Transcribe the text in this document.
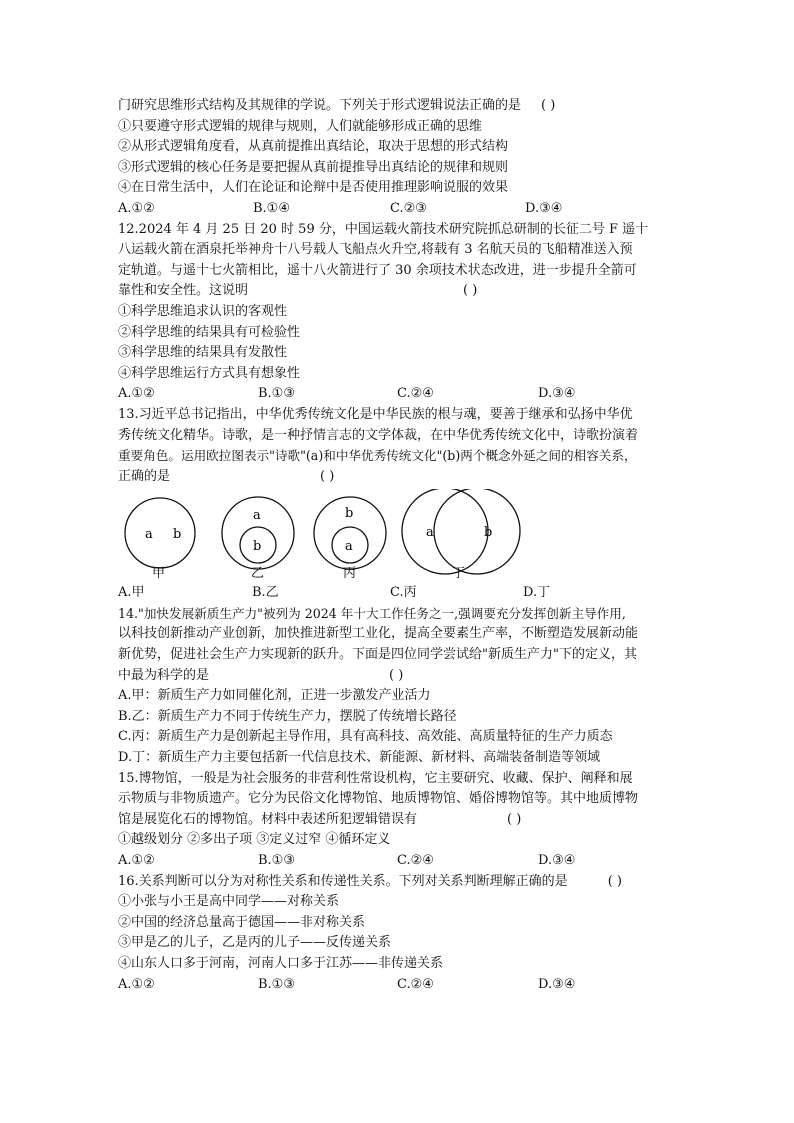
门研究思维形式结构及其规律的学说。下列关于形式逻辑说法正确的是 ( )
①只要遵守形式逻辑的规律与规则，人们就能够形成正确的思维
②从形式逻辑角度看，从真前提推出真结论，取决于思想的形式结构
③形式逻辑的核心任务是要把握从真前提推导出真结论的规律和规则
④在日常生活中，人们在论证和论辩中是否使用推理影响说服的效果
A.①②	B.①④	C.②③	D.③④
12.2024 年 4 月 25 日 20 时 59 分，中国运载火箭技术研究院抓总研制的长征二号 F 遥十
八运载火箭在酒泉托举神舟十八号载人飞船点火升空,将载有 3 名航天员的飞船精准送入预
定轨道。与遥十七火箭相比，遥十八火箭进行了 30 余项技术状态改进，进一步提升全箭可
靠性和安全性。这说明	( )
①科学思维追求认识的客观性
②科学思维的结果具有可检验性
③科学思维的结果具有发散性
④科学思维运行方式具有想象性
A.①②	B.①③	C.②④	D.③④
13.习近平总书记指出，中华优秀传统文化是中华民族的根与魂，要善于继承和弘扬中华优
秀传统文化精华。诗歌，是一种抒情言志的文学体裁，在中华优秀传统文化中，诗歌扮演着
重要角色。运用欧拉图表示"诗歌"(a)和中华优秀传统文化"(b)两个概念外延之间的相容关系，
正确的是	( )
a b
a
b
b
a
a	b
甲	乙	丙	丁
A.甲	B.乙	C.丙	D.丁
14."加快发展新质生产力"被列为 2024 年十大工作任务之一,强调要充分发挥创新主导作用,
以科技创新推动产业创新，加快推进新型工业化，提高全要素生产率，不断塑造发展新动能
新优势，促进社会生产力实现新的跃升。下面是四位同学尝试给"新质生产力"下的定义，其
中最为科学的是	( )
A.甲：新质生产力如同催化剂，正进一步激发产业活力
B.乙：新质生产力不同于传统生产力，摆脱了传统增长路径
C.丙：新质生产力是创新起主导作用，具有高科技、高效能、高质量特征的生产力质态
D.丁：新质生产力主要包括新一代信息技术、新能源、新材料、高端装备制造等领域
15.博物馆，一般是为社会服务的非营利性常设机构，它主要研究、收藏、保护、阐释和展
示物质与非物质遗产。它分为民俗文化博物馆、地质博物馆、婚俗博物馆等。其中地质博物
馆是展览化石的博物馆。材料中表述所犯逻辑错误有	( )
①越级划分 ②多出子项 ③定义过窄 ④循环定义
A.①②	B.①③	C.②④	D.③④
16.关系判断可以分为对称性关系和传递性关系。下列对关系判断理解正确的是	( )
①小张与小王是高中同学——对称关系
②中国的经济总量高于德国——非对称关系
③甲是乙的儿子，乙是丙的儿子——反传递关系
④山东人口多于河南，河南人口多于江苏——非传递关系
A.①②	B.①③	C.②④	D.③④
